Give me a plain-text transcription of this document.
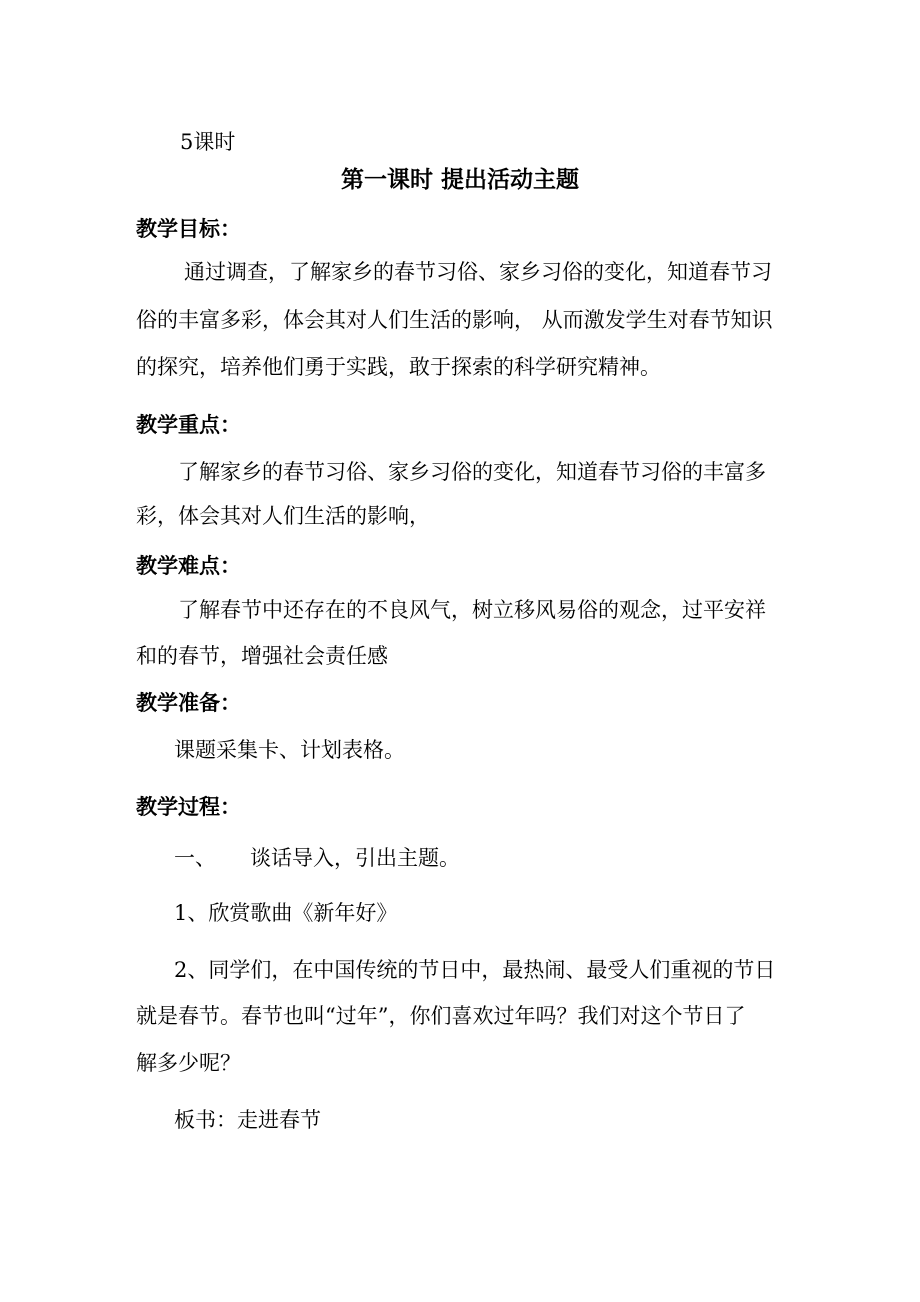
5课时
第一课时 提出活动主题
教学目标：
通过调查，了解家乡的春节习俗、家乡习俗的变化，知道春节习
俗的丰富多彩，体会其对人们生活的影响， 从而激发学生对春节知识
的探究，培养他们勇于实践，敢于探索的科学研究精神。
教学重点：
了解家乡的春节习俗、家乡习俗的变化，知道春节习俗的丰富多
彩，体会其对人们生活的影响，
教学难点：
了解春节中还存在的不良风气，树立移风易俗的观念，过平安祥
和的春节，增强社会责任感
教学准备：
课题采集卡、计划表格。
教学过程：
一、 谈话导入，引出主题。
1、欣赏歌曲《新年好》
2、同学们，在中国传统的节日中，最热闹、最受人们重视的节日
就是春节。春节也叫“过年”，你们喜欢过年吗？我们对这个节日了
解多少呢？
板书：走进春节
